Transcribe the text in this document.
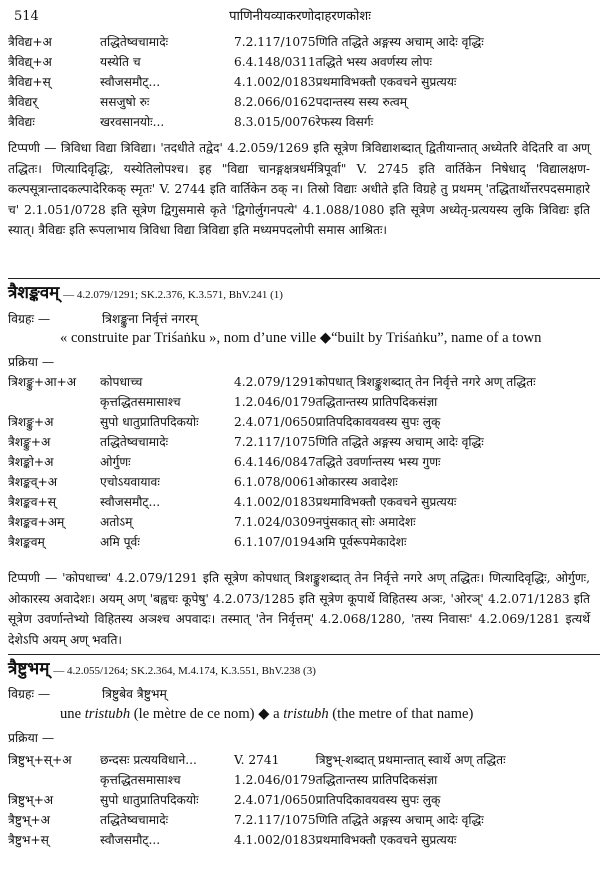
514	पाणिनीयव्याकरणोदाहरणकोशः
त्रैविद्य+अ	तद्धितेष्वचामादेः	7.2.117/1075	णिति तद्धिते अङ्गस्य अचाम् आदेः वृद्धिः
त्रैविद्य्+अ	यस्येति च	6.4.148/0311	तद्धिते भस्य अवर्णस्य लोपः
त्रैविद्य+स्	स्वौजसमौट्...	4.1.002/0183	प्रथमाविभक्तौ एकवचने सुप्रत्ययः
त्रैविद्यर्	ससजुषो रुः	8.2.066/0162	पदान्तस्य सस्य रुत्वम्
त्रैविद्यः	खरवसानयोः...	8.3.015/0076	रेफस्य विसर्गः
टिप्पणी — त्रिविधा विद्या त्रिविद्या। 'तदधीते तद्वेद' 4.2.059/1269 इति सूत्रेण त्रिविद्याशब्दात् द्वितीयान्तात् अध्येतरि वेदितरि वा अण् तद्धितः। णित्यादिवृद्धिः, यस्येतिलोपश्च। इह "विद्या चानङ्गक्षत्रधर्मत्रिपूर्वा" V. 2745 इति वार्तिकेन निषेधाद् 'विद्यालक्षण-कल्पसूत्रान्तादकल्पादेरिकक् स्मृतः' V. 2744 इति वार्तिकेन ठक् न। तिस्रो विद्याः अधीते इति विग्रहे तु प्रथमम् 'तद्धितार्थोत्तरपदसमाहारे च' 2.1.051/0728 इति सूत्रेण द्विगुसमासे कृते 'द्विगोर्लुगनपत्ये' 4.1.088/1080 इति सूत्रेण अध्येतृ-प्रत्ययस्य लुकि त्रिविद्यः इति स्यात्। त्रैविद्यः इति रूपलाभाय त्रिविधा विद्या त्रिविद्या इति मध्यमपदलोपी समास आश्रितः।
त्रैशङ्कवम् — 4.2.079/1291; SK.2.376, K.3.571, BhV.241 (1)
विग्रहः —	त्रिशङ्कुना निर्वृत्तं नगरम्
« construite par Triśaṅku », nom d’une ville ◆“built by Triśaṅku”, name of a town
प्रक्रिया —
त्रिशङ्कु+आ+अ	कोपधाच्च	4.2.079/1291	कोपधात् त्रिशङ्कुशब्दात् तेन निर्वृत्ते नगरे अण् तद्धितः
	कृत्तद्धितसमासाश्च	1.2.046/0179	तद्धितान्तस्य प्रातिपदिकसंज्ञा
त्रिशङ्कु+अ	सुपो धातुप्रातिपदिकयोः	2.4.071/0650	प्रातिपदिकावयवस्य सुपः लुक्
त्रैशङ्कु+अ	तद्धितेष्वचामादेः	7.2.117/1075	णिति तद्धिते अङ्गस्य अचाम् आदेः वृद्धिः
त्रैशङ्को+अ	ओर्गुणः	6.4.146/0847	तद्धिते उवर्णान्तस्य भस्य गुणः
त्रैशङ्कव्+अ	एचोऽयवायावः	6.1.078/0061	ओकारस्य अवादेशः
त्रैशङ्कव+स्	स्वौजसमौट्...	4.1.002/0183	प्रथमाविभक्तौ एकवचने सुप्रत्ययः
त्रैशङ्कव+अम्	अतोऽम्	7.1.024/0309	नपुंसकात् सोः अमादेशः
त्रैशङ्कवम्	अमि पूर्वः	6.1.107/0194	अमि पूर्वरूपमेकादेशः
टिप्पणी — 'कोपधाच्च' 4.2.079/1291 इति सूत्रेण कोपधात् त्रिशङ्कुशब्दात् तेन निर्वृत्ते नगरे अण् तद्धितः। णित्यादिवृद्धिः, ओर्गुणः, ओकारस्य अवादेशः। अयम् अण् 'बह्वचः कूपेषु' 4.2.073/1285 इति सूत्रेण कूपार्थे विहितस्य अञः, 'ओरञ्' 4.2.071/1283 इति सूत्रेण उवर्णान्तेभ्यो विहितस्य अञश्च अपवादः। तस्मात् 'तेन निर्वृत्तम्' 4.2.068/1280, 'तस्य निवासः' 4.2.069/1281 इत्यर्थे देशेऽपि अयम् अण् भवति।
त्रैष्टुभम् — 4.2.055/1264; SK.2.364, M.4.174, K.3.551, BhV.238 (3)
विग्रहः —	त्रिष्टुबेव त्रैष्टुभम्
une tristubh (le mètre de ce nom) ◆ a tristubh (the metre of that name)
प्रक्रिया —
त्रिष्टुभ्+स्+अ	छन्दसः प्रत्ययविधाने...	V. 2741	त्रिष्टुभ्-शब्दात् प्रथमान्तात् स्वार्थे अण् तद्धितः
	कृत्तद्धितसमासाश्च	1.2.046/0179	तद्धितान्तस्य प्रातिपदिकसंज्ञा
त्रिष्टुभ्+अ	सुपो धातुप्रातिपदिकयोः	2.4.071/0650	प्रातिपदिकावयवस्य सुपः लुक्
त्रैष्टुभ्+अ	तद्धितेष्वचामादेः	7.2.117/1075	णिति तद्धिते अङ्गस्य अचाम् आदेः वृद्धिः
त्रैष्टुभ+स्	स्वौजसमौट्...	4.1.002/0183	प्रथमाविभक्तौ एकवचने सुप्रत्ययः
